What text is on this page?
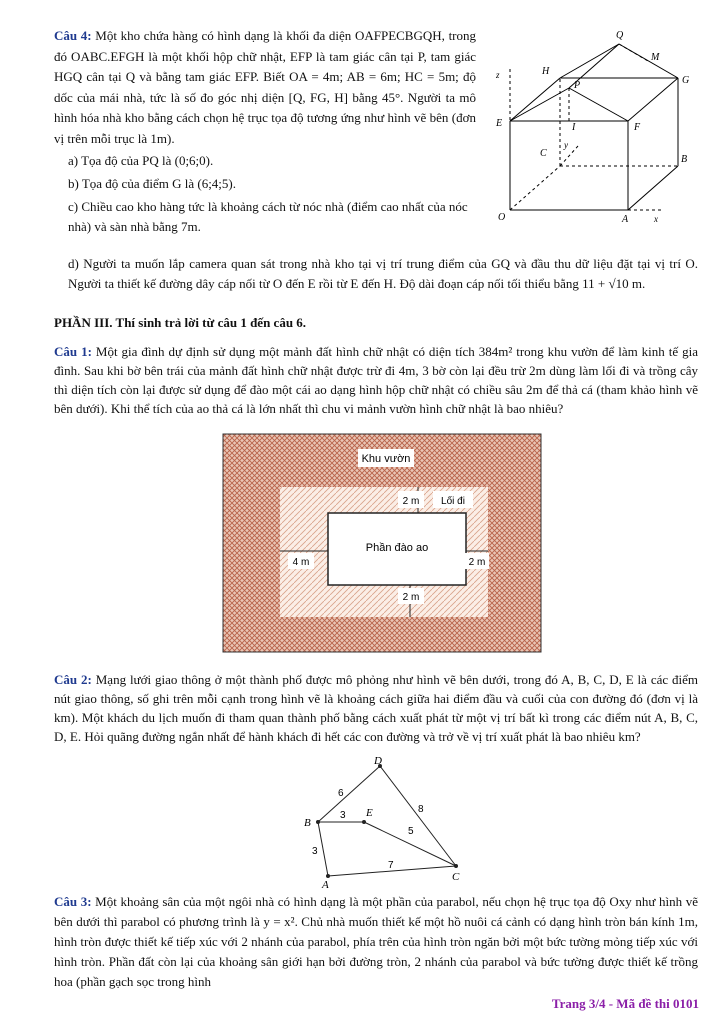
Câu 4: Một kho chứa hàng có hình dạng là khối đa diện OAFPECBGQH, trong đó OABC.EFGH là một khối hộp chữ nhật, EFP là tam giác cân tại P, tam giác HGQ cân tại Q và bằng tam giác EFP. Biết OA = 4m; AB = 6m; HC = 5m; độ dốc của mái nhà, tức là số đo góc nhị diện [Q, FG, H] bằng 45°. Người ta mô hình hóa nhà kho bằng cách chọn hệ trục tọa độ tương ứng như hình vẽ bên (đơn vị trên mỗi trục là 1m).

a) Tọa độ của PQ là (0;6;0).

b) Tọa độ của điểm G là (6;4;5).

c) Chiều cao kho hàng tức là khoảng cách từ nóc nhà (điểm cao nhất của nóc nhà) và sàn nhà bằng 7m.

d) Người ta muốn lắp camera quan sát trong nhà kho tại vị trí trung điểm của GQ và đầu thu dữ liệu đặt tại vị trí O. Người ta thiết kế đường dây cáp nối từ O đến E rồi từ E đến H. Độ dài đoạn cáp nối tối thiểu bằng 11 + √10 m.

Q
M
H
G
P
z
E	I	F
C
y
B
O	A	x
PHẦN III. Thí sinh trả lời từ câu 1 đến câu 6.

Câu 1: Một gia đình dự định sử dụng một mảnh đất hình chữ nhật có diện tích 384m² trong khu vườn để làm kinh tế gia đình. Sau khi bờ bên trái của mảnh đất hình chữ nhật được trừ đi 4m, 3 bờ còn lại đều trừ 2m dùng làm lối đi và trồng cây thì diện tích còn lại được sử dụng để đào một cái ao dạng hình hộp chữ nhật có chiều sâu 2m để thả cá (tham khảo hình vẽ bên dưới). Khi thể tích của ao thả cá là lớn nhất thì chu vi mảnh vườn hình chữ nhật là bao nhiêu?

Khu vườn
2 m Lối đi
Phần đào ao
4 m	2 m
2 m

Câu 2: Mạng lưới giao thông ở một thành phố được mô phỏng như hình vẽ bên dưới, trong đó A, B, C, D, E là các điểm nút giao thông, số ghi trên mỗi cạnh trong hình vẽ là khoảng cách giữa hai điểm đầu và cuối của con đường đó (đơn vị là km). Một khách du lịch muốn đi tham quan thành phố bằng cách xuất phát từ một vị trí bất kì trong các điểm nút A, B, C, D, E. Hỏi quãng đường ngắn nhất để hành khách đi hết các con đường và trở về vị trí xuất phát là bao nhiêu km?

D
B
E
C
A
6
3
8
5
3
7

Câu 3: Một khoảng sân của một ngôi nhà có hình dạng là một phần của parabol, nếu chọn hệ trục tọa độ Oxy như hình vẽ bên dưới thì parabol có phương trình là y = x². Chủ nhà muốn thiết kế một hồ nuôi cá cảnh có dạng hình tròn bán kính 1m, hình tròn được thiết kế tiếp xúc với 2 nhánh của parabol, phía trên của hình tròn ngăn bởi một bức tường mỏng tiếp xúc với hình tròn. Phần đất còn lại của khoảng sân giới hạn bởi đường tròn, 2 nhánh của parabol và bức tường được thiết kế trồng hoa (phần gạch sọc trong hình

Trang 3/4 - Mã đề thi 0101
